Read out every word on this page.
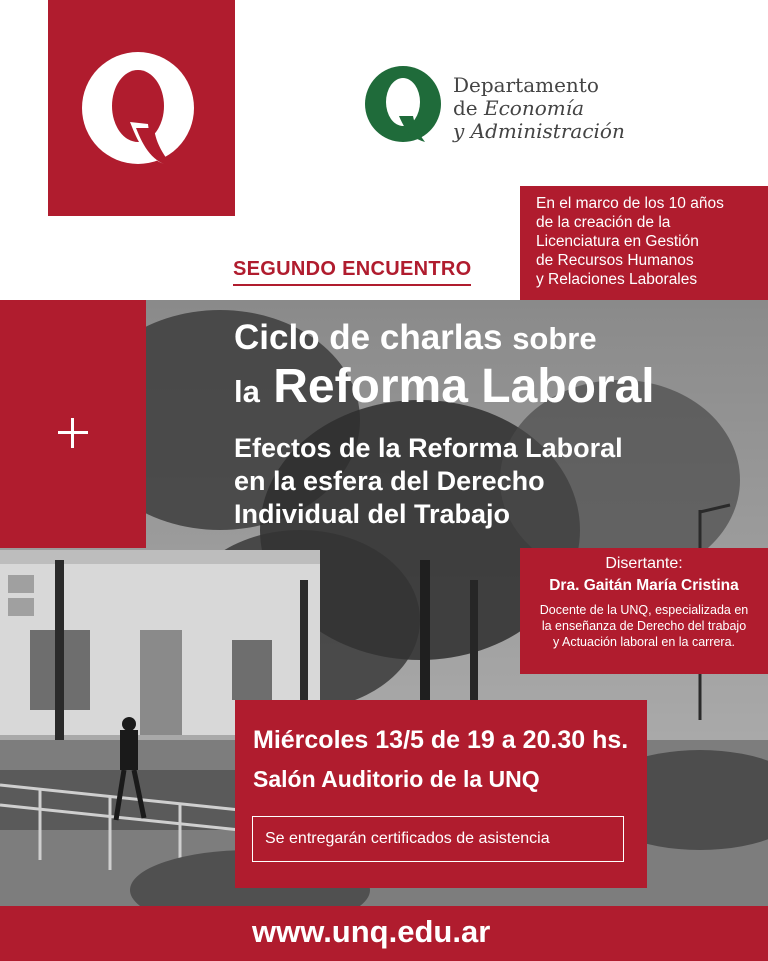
Departamento
de Economía
y Administración
En el marco de los 10 años
de la creación de la
Licenciatura en Gestión
de Recursos Humanos
y Relaciones Laborales
SEGUNDO ENCUENTRO
Ciclo de charlas sobre
la Reforma Laboral
Efectos de la Reforma Laboral
en la esfera del Derecho
Individual del Trabajo
Disertante:
Dra. Gaitán María Cristina
Docente de la UNQ, especializada en
la enseñanza de Derecho del trabajo
y Actuación laboral en la carrera.
Miércoles 13/5 de 19 a 20.30 hs.
Salón Auditorio de la UNQ
Se entregarán certificados de asistencia
www.unq.edu.ar
